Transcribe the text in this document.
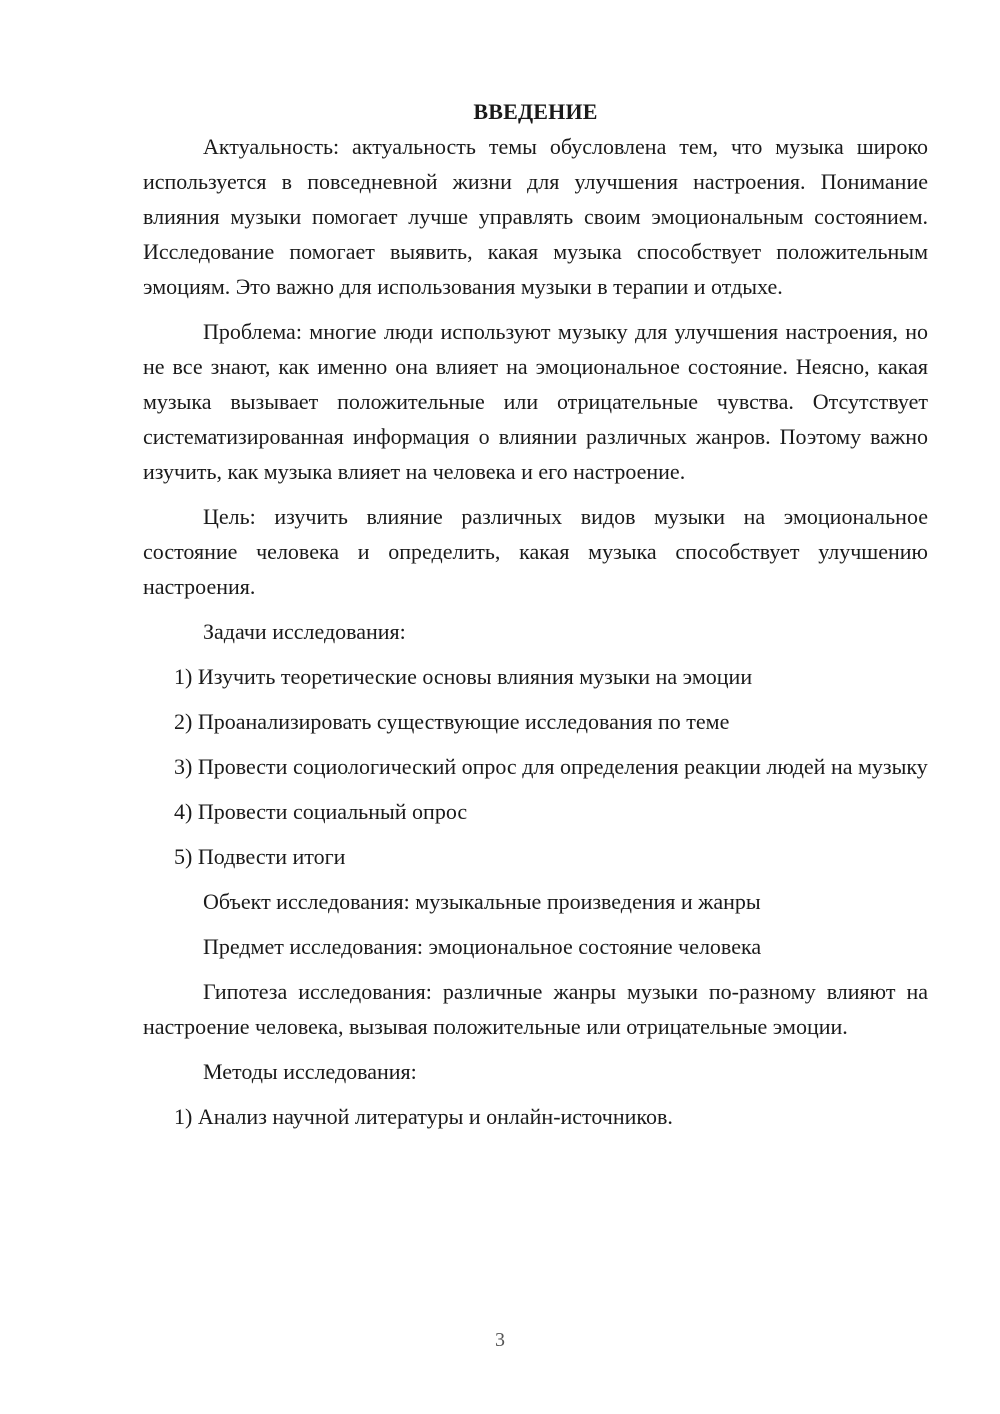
ВВЕДЕНИЕ

Актуальность: актуальность темы обусловлена тем, что музыка широко используется в повседневной жизни для улучшения настроения. Понимание влияния музыки помогает лучше управлять своим эмоциональным состоянием. Исследование помогает выявить, какая музыка способствует положительным эмоциям. Это важно для использования музыки в терапии и отдыхе.

Проблема: многие люди используют музыку для улучшения настроения, но не все знают, как именно она влияет на эмоциональное состояние. Неясно, какая музыка вызывает положительные или отрицательные чувства. Отсутствует систематизированная информация о влиянии различных жанров. Поэтому важно изучить, как музыка влияет на человека и его настроение.

Цель: изучить влияние различных видов музыки на эмоциональное состояние человека и определить, какая музыка способствует улучшению настроения.

Задачи исследования:

1) Изучить теоретические основы влияния музыки на эмоции

2) Проанализировать существующие исследования по теме

3) Провести социологический опрос для определения реакции людей на музыку

4) Провести социальный опрос

5) Подвести итоги

Объект исследования: музыкальные произведения и жанры

Предмет исследования: эмоциональное состояние человека

Гипотеза исследования: различные жанры музыки по-разному влияют на настроение человека, вызывая положительные или отрицательные эмоции.

Методы исследования:

1) Анализ научной литературы и онлайн-источников.

3
